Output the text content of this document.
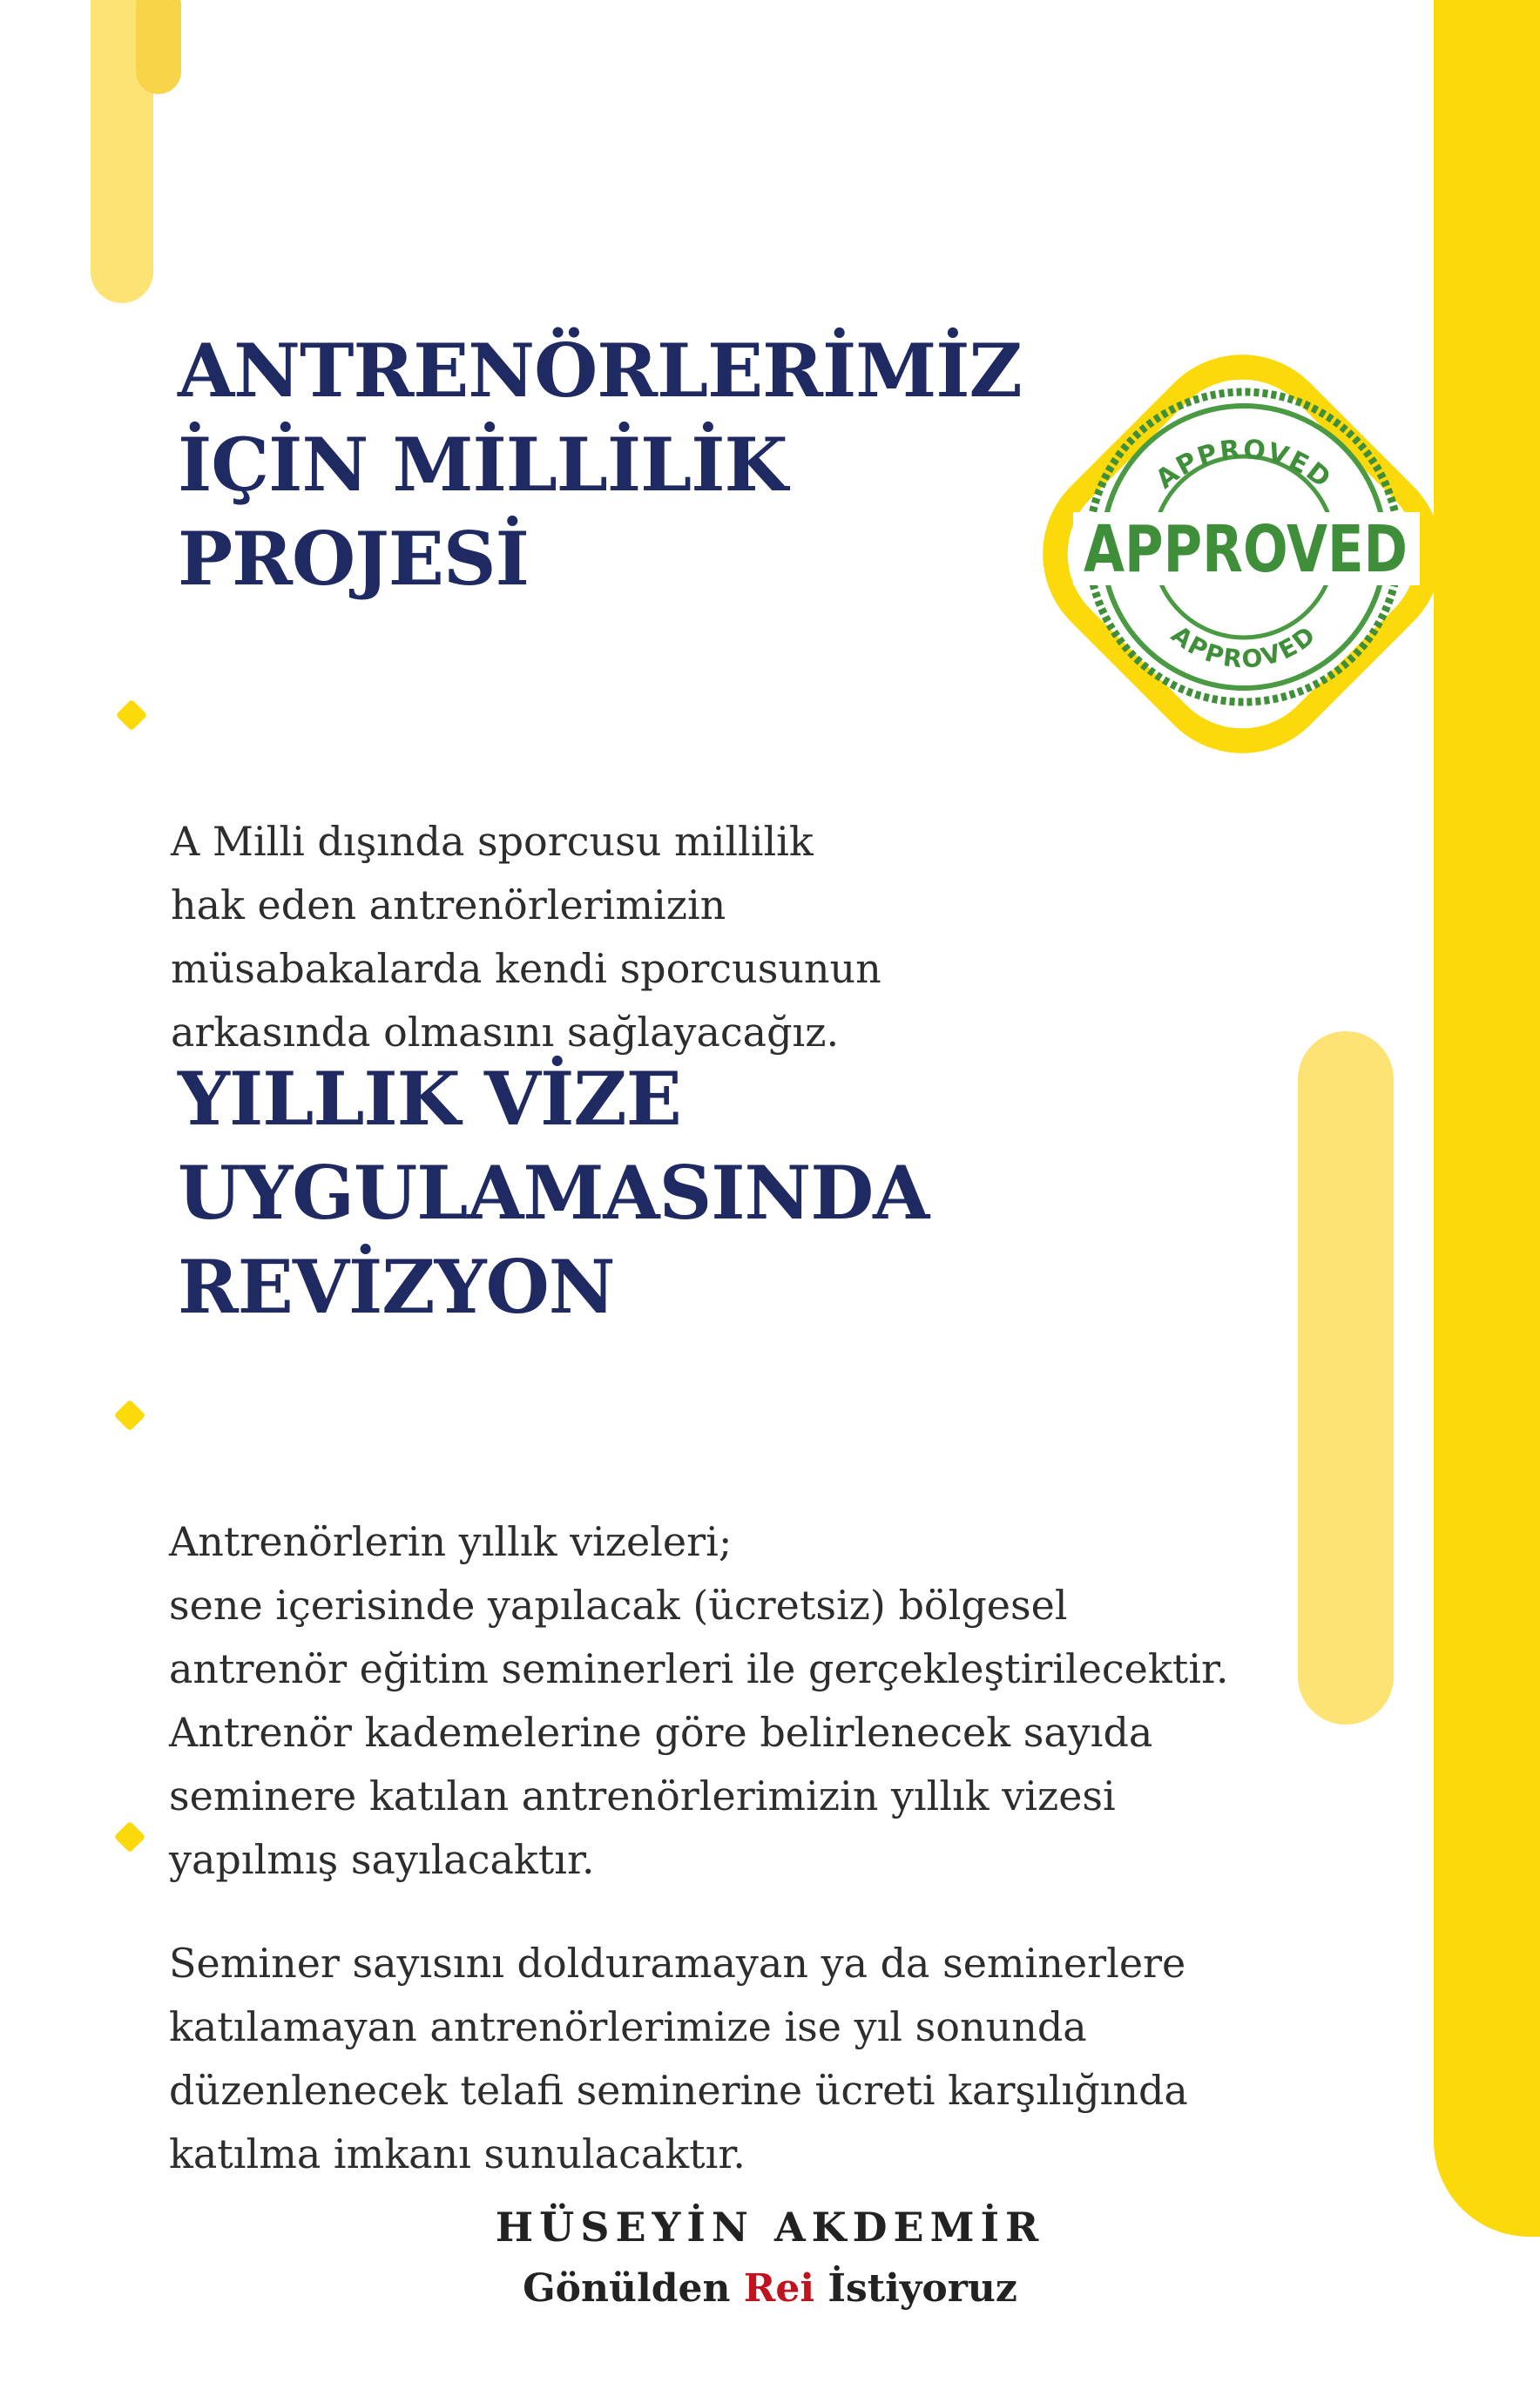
ANTRENÖRLERİMİZ
İÇİN MİLLİLİK
PROJESİ

A Milli dışında sporcusu millilik
hak eden antrenörlerimizin
müsabakalarda kendi sporcusunun
arkasında olmasını sağlayacağız.

APPROVED
APPROVED
APPROVED
YILLIK VİZE
UYGULAMASINDA
REVİZYON

Antrenörlerin yıllık vizeleri;
sene içerisinde yapılacak (ücretsiz) bölgesel
antrenör eğitim seminerleri ile gerçekleştirilecektir.
Antrenör kademelerine göre belirlenecek sayıda
seminere katılan antrenörlerimizin yıllık vizesi
yapılmış sayılacaktır.

Seminer sayısını dolduramayan ya da seminerlere
katılamayan antrenörlerimize ise yıl sonunda
düzenlenecek telafi seminerine ücreti karşılığında
katılma imkanı sunulacaktır.

HÜSEYİN AKDEMİR
Gönülden Rei İstiyoruz
